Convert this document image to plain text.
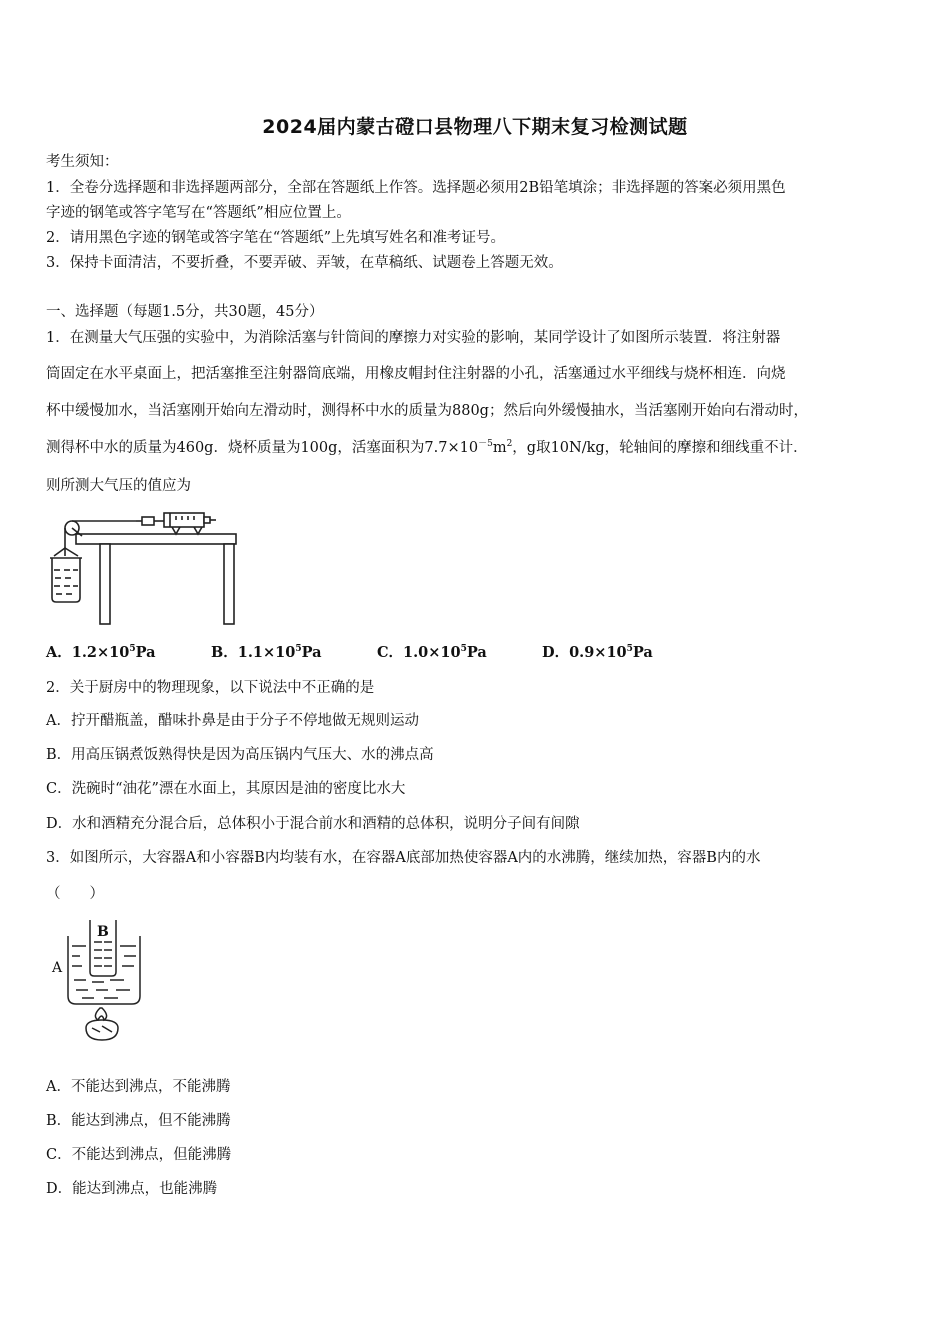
2024届内蒙古磴口县物理八下期末复习检测试题
考生须知：
1．全卷分选择题和非选择题两部分，全部在答题纸上作答。选择题必须用2B铅笔填涂；非选择题的答案必须用黑色
字迹的钢笔或答字笔写在“答题纸”相应位置上。
2．请用黑色字迹的钢笔或答字笔在“答题纸”上先填写姓名和准考证号。
3．保持卡面清洁，不要折叠，不要弄破、弄皱，在草稿纸、试题卷上答题无效。
一、选择题（每题1.5分，共30题，45分）
1．在测量大气压强的实验中，为消除活塞与针筒间的摩擦力对实验的影响，某同学设计了如图所示装置．将注射器
筒固定在水平桌面上，把活塞推至注射器筒底端，用橡皮帽封住注射器的小孔，活塞通过水平细线与烧杯相连．向烧
杯中缓慢加水，当活塞刚开始向左滑动时，测得杯中水的质量为880g；然后向外缓慢抽水，当活塞刚开始向右滑动时，
测得杯中水的质量为460g．烧杯质量为100g，活塞面积为$7.7\times 10^{-5}m^2$，g取10N/kg，轮轴间的摩擦和细线重不计．
则所测大气压的值应为
A．$1.2\times 10^5Pa$	B．$1.1\times 10^5Pa$	C．$1.0\times 10^5Pa$	D．$0.9\times 10^5Pa$
2．关于厨房中的物理现象，以下说法中不正确的是
A．拧开醋瓶盖，醋味扑鼻是由于分子不停地做无规则运动
B．用高压锅煮饭熟得快是因为高压锅内气压大、水的沸点高
C．洗碗时“油花”漂在水面上，其原因是油的密度比水大
D．水和酒精充分混合后，总体积小于混合前水和酒精的总体积，说明分子间有间隙
3．如图所示，大容器A和小容器B内均装有水，在容器A底部加热使容器A内的水沸腾，继续加热，容器B内的水
（　　）
A
B
A．不能达到沸点，不能沸腾
B．能达到沸点，但不能沸腾
C．不能达到沸点，但能沸腾
D．能达到沸点，也能沸腾
